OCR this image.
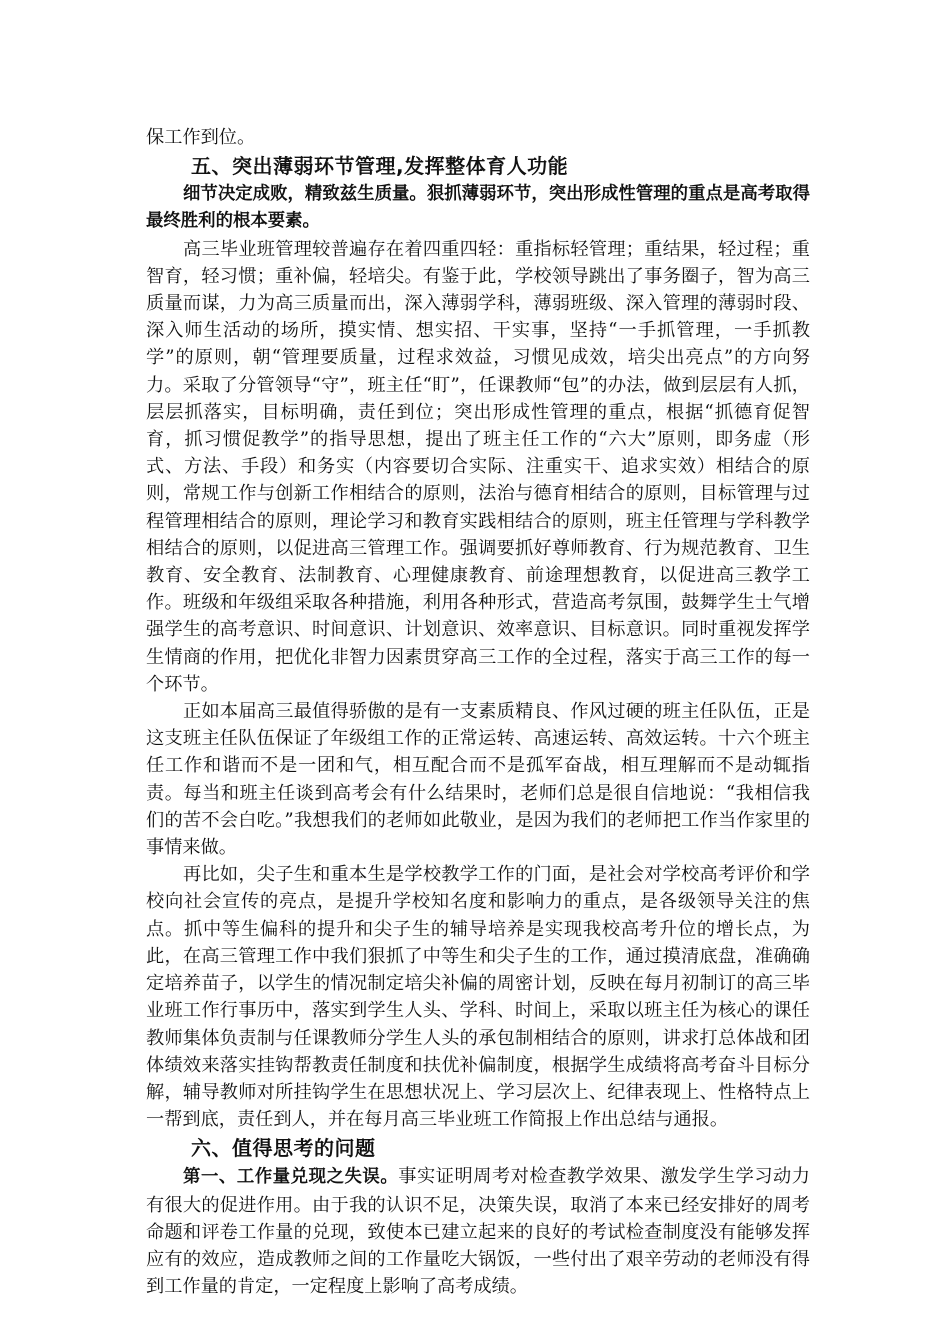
保工作到位。

五、突出薄弱环节管理,发挥整体育人功能

细节决定成败，精致兹生质量。狠抓薄弱环节，突出形成性管理的重点是高考取得最终胜利的根本要素。

高三毕业班管理较普遍存在着四重四轻：重指标轻管理；重结果，轻过程；重智育，轻习惯；重补偏，轻培尖。有鉴于此，学校领导跳出了事务圈子，智为高三质量而谋，力为高三质量而出，深入薄弱学科，薄弱班级、深入管理的薄弱时段、深入师生活动的场所，摸实情、想实招、干实事，坚持“一手抓管理，一手抓教学”的原则，朝“管理要质量，过程求效益，习惯见成效，培尖出亮点”的方向努力。采取了分管领导“守”，班主任“盯”，任课教师“包”的办法，做到层层有人抓，层层抓落实，目标明确，责任到位；突出形成性管理的重点，根据“抓德育促智育，抓习惯促教学”的指导思想，提出了班主任工作的“六大”原则，即务虚（形式、方法、手段）和务实（内容要切合实际、注重实干、追求实效）相结合的原则，常规工作与创新工作相结合的原则，法治与德育相结合的原则，目标管理与过程管理相结合的原则，理论学习和教育实践相结合的原则，班主任管理与学科教学相结合的原则，以促进高三管理工作。强调要抓好尊师教育、行为规范教育、卫生教育、安全教育、法制教育、心理健康教育、前途理想教育，以促进高三教学工作。班级和年级组采取各种措施，利用各种形式，营造高考氛围，鼓舞学生士气增强学生的高考意识、时间意识、计划意识、效率意识、目标意识。同时重视发挥学生情商的作用，把优化非智力因素贯穿高三工作的全过程，落实于高三工作的每一个环节。

正如本届高三最值得骄傲的是有一支素质精良、作风过硬的班主任队伍，正是这支班主任队伍保证了年级组工作的正常运转、高速运转、高效运转。十六个班主任工作和谐而不是一团和气，相互配合而不是孤军奋战，相互理解而不是动辄指责。每当和班主任谈到高考会有什么结果时，老师们总是很自信地说：“我相信我们的苦不会白吃。”我想我们的老师如此敬业，是因为我们的老师把工作当作家里的事情来做。

再比如，尖子生和重本生是学校教学工作的门面，是社会对学校高考评价和学校向社会宣传的亮点，是提升学校知名度和影响力的重点，是各级领导关注的焦点。抓中等生偏科的提升和尖子生的辅导培养是实现我校高考升位的增长点，为此，在高三管理工作中我们狠抓了中等生和尖子生的工作，通过摸清底盘，准确确定培养苗子，以学生的情况制定培尖补偏的周密计划，反映在每月初制订的高三毕业班工作行事历中，落实到学生人头、学科、时间上，采取以班主任为核心的课任教师集体负责制与任课教师分学生人头的承包制相结合的原则，讲求打总体战和团体绩效来落实挂钩帮教责任制度和扶优补偏制度，根据学生成绩将高考奋斗目标分解，辅导教师对所挂钩学生在思想状况上、学习层次上、纪律表现上、性格特点上一帮到底，责任到人，并在每月高三毕业班工作简报上作出总结与通报。

六、值得思考的问题

第一、工作量兑现之失误。事实证明周考对检查教学效果、激发学生学习动力有很大的促进作用。由于我的认识不足，决策失误，取消了本来已经安排好的周考命题和评卷工作量的兑现，致使本已建立起来的良好的考试检查制度没有能够发挥应有的效应，造成教师之间的工作量吃大锅饭，一些付出了艰辛劳动的老师没有得到工作量的肯定，一定程度上影响了高考成绩。
